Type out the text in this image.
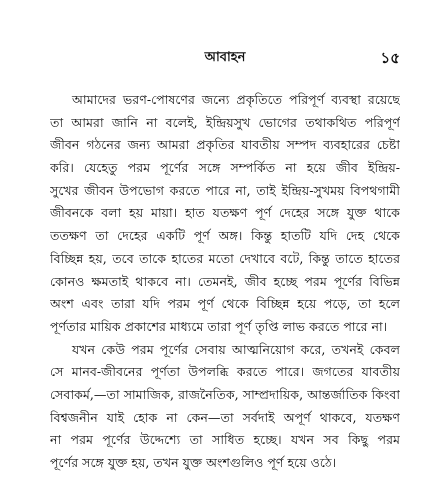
আবাহন	১৫
আমাদের ভরণ-পোষণের জন্যে প্রকৃতিতে পরিপূর্ণ ব্যবস্থা রয়েছে
তা আমরা জানি না বলেই, ইন্দ্রিয়সুখ ভোগের তথাকথিত পরিপূর্ণ
জীবন গঠনের জন্য আমরা প্রকৃতির যাবতীয় সম্পদ ব্যবহারের চেষ্টা
করি। যেহেতু পরম পূর্ণের সঙ্গে সম্পর্কিত না হয়ে জীব ইন্দ্রিয়-
সুখের জীবন উপভোগ করতে পারে না, তাই ইন্দ্রিয়-সুখময় বিপথগামী
জীবনকে বলা হয় মায়া। হাত যতক্ষণ পূর্ণ দেহের সঙ্গে যুক্ত থাকে
ততক্ষণ তা দেহের একটি পূর্ণ অঙ্গ। কিন্তু হাতটি যদি দেহ থেকে
বিচ্ছিন্ন হয়, তবে তাকে হাতের মতো দেখাবে বটে, কিন্তু তাতে হাতের
কোনও ক্ষমতাই থাকবে না। তেমনই, জীব হচ্ছে পরম পূর্ণের বিভিন্ন
অংশ এবং তারা যদি পরম পূর্ণ থেকে বিচ্ছিন্ন হয়ে পড়ে, তা হলে
পূর্ণতার মায়িক প্রকাশের মাধ্যমে তারা পূর্ণ তৃপ্তি লাভ করতে পারে না।
যখন কেউ পরম পূর্ণের সেবায় আত্মনিয়োগ করে, তখনই কেবল
সে মানব-জীবনের পূর্ণতা উপলব্ধি করতে পারে। জগতের যাবতীয়
সেবাকর্ম,—তা সামাজিক, রাজনৈতিক, সাম্প্রদায়িক, আন্তর্জাতিক কিংবা
বিশ্বজনীন যাই হোক না কেন—তা সর্বদাই অপূর্ণ থাকবে, যতক্ষণ
না পরম পূর্ণের উদ্দেশ্যে তা সাধিত হচ্ছে। যখন সব কিছু পরম
পূর্ণের সঙ্গে যুক্ত হয়, তখন যুক্ত অংশগুলিও পূর্ণ হয়ে ওঠে।
